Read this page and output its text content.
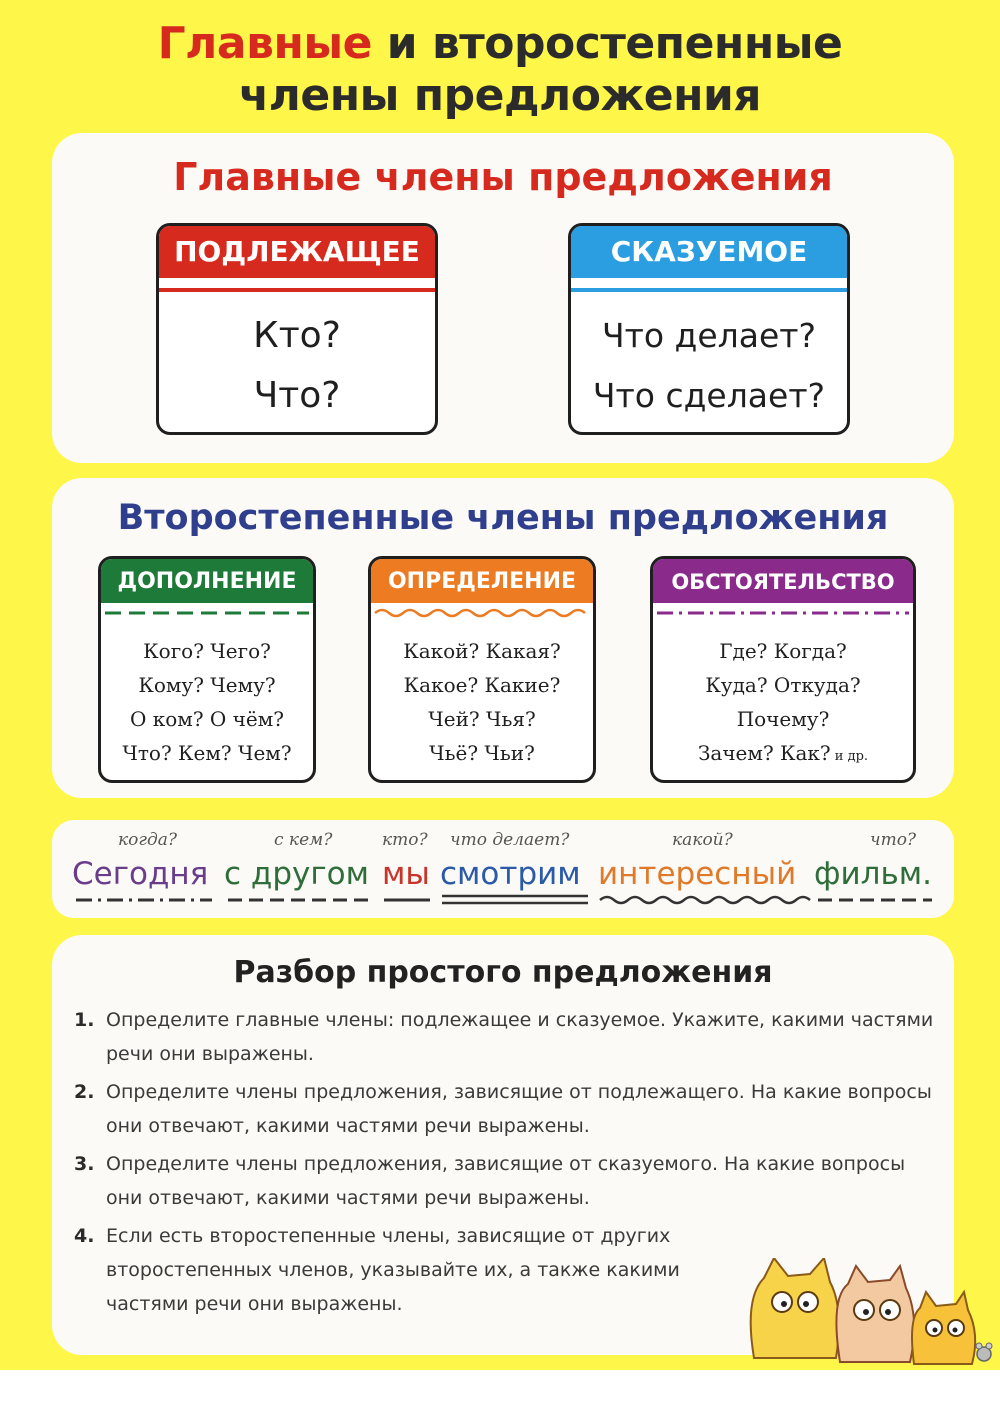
Главные и второстепенные
члены предложения
Главные члены предложения
ПОДЛЕЖАЩЕЕ
Кто?
Что?
СКАЗУЕМОЕ
Что делает?
Что сделает?
Второстепенные члены предложения
ДОПОЛНЕНИЕ
Кого? Чего?
Кому? Чему?
О ком? О чём?
Что? Кем? Чем?
ОПРЕДЕЛЕНИЕ
Какой? Какая?
Какое? Какие?
Чей? Чья?
Чьё? Чьи?
ОБСТОЯТЕЛЬСТВО
Где? Когда?
Куда? Откуда?
Почему?
Зачем? Как? и др.
когда?
Сегодня
с кем?
с другом
кто?
мы
что делает?
смотрим
какой?
интересный
что?
фильм.
Разбор простого предложения
1. Определите главные члены: подлежащее и сказуемое. Укажите, какими частями речи они выражены.
2. Определите члены предложения, зависящие от подлежащего. На какие вопросы они отвечают, какими частями речи выражены.
3. Определите члены предложения, зависящие от сказуемого. На какие вопросы они отвечают, какими частями речи выражены.
4. Если есть второстепенные члены, зависящие от других второстепенных членов, указывайте их, а также какими частями речи они выражены.
